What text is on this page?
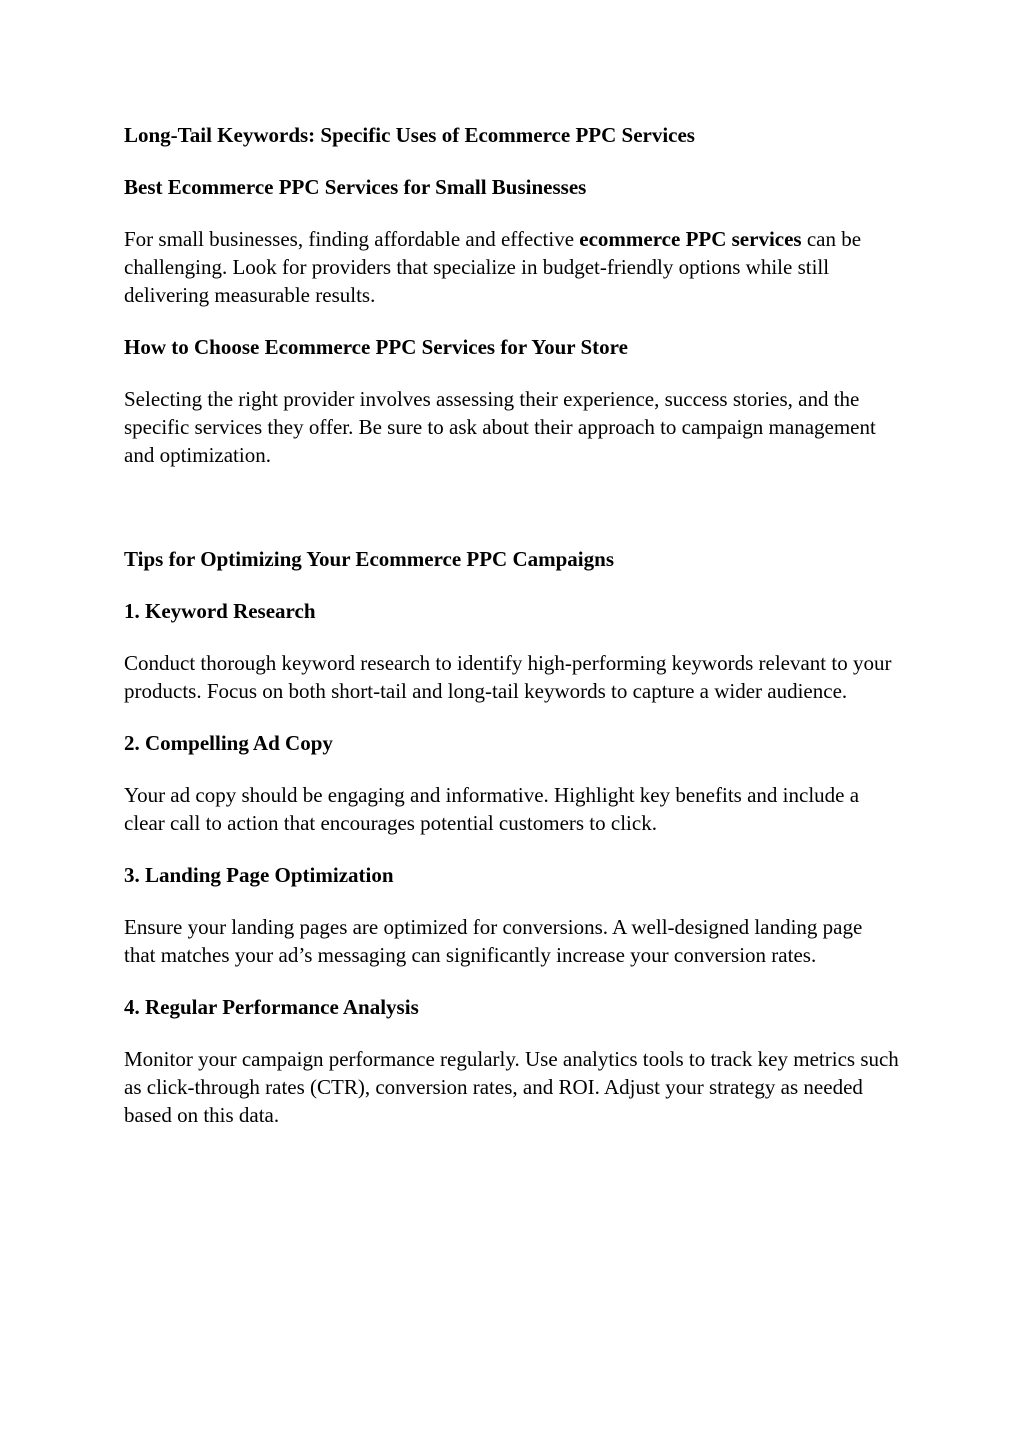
Long-Tail Keywords: Specific Uses of Ecommerce PPC Services

Best Ecommerce PPC Services for Small Businesses

For small businesses, finding affordable and effective ecommerce PPC services can be challenging. Look for providers that specialize in budget-friendly options while still delivering measurable results.

How to Choose Ecommerce PPC Services for Your Store

Selecting the right provider involves assessing their experience, success stories, and the specific services they offer. Be sure to ask about their approach to campaign management and optimization.

Tips for Optimizing Your Ecommerce PPC Campaigns

1. Keyword Research

Conduct thorough keyword research to identify high-performing keywords relevant to your products. Focus on both short-tail and long-tail keywords to capture a wider audience.

2. Compelling Ad Copy

Your ad copy should be engaging and informative. Highlight key benefits and include a clear call to action that encourages potential customers to click.

3. Landing Page Optimization

Ensure your landing pages are optimized for conversions. A well-designed landing page that matches your ad’s messaging can significantly increase your conversion rates.

4. Regular Performance Analysis

Monitor your campaign performance regularly. Use analytics tools to track key metrics such as click-through rates (CTR), conversion rates, and ROI. Adjust your strategy as needed based on this data.
